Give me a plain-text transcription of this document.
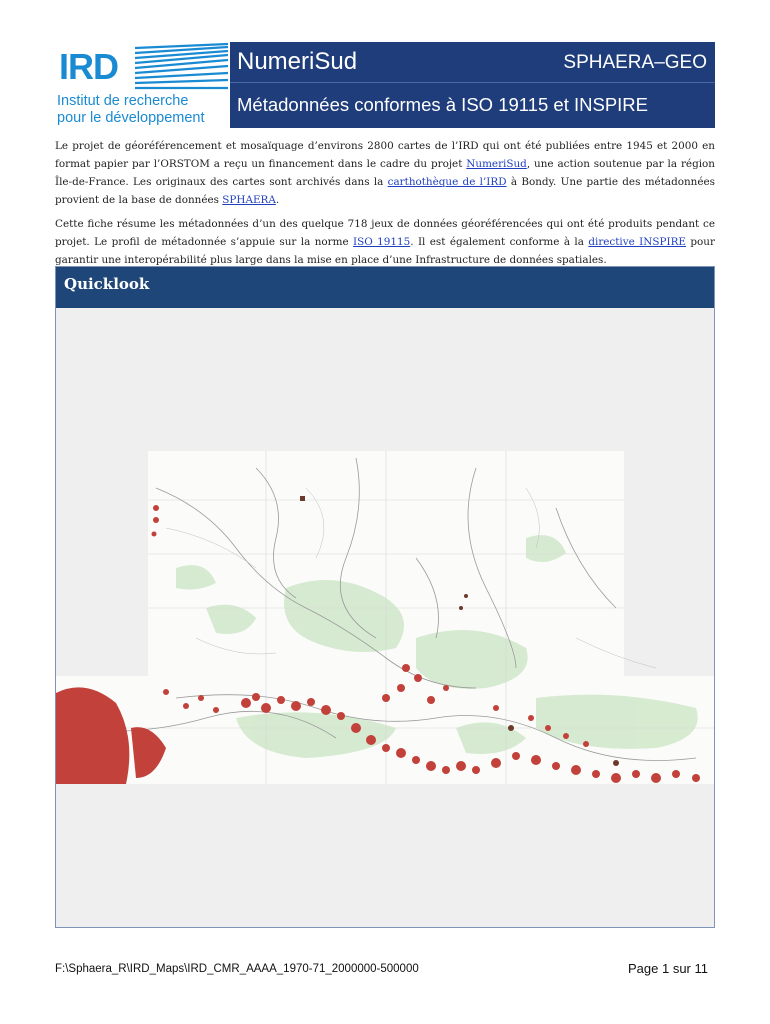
IRD
Institut de recherche
pour le développement
NumeriSud	SPHAERA–GEO
Métadonnées conformes à ISO 19115 et INSPIRE

Le projet de géoréférencement et mosaïquage d’environs 2800 cartes de l’IRD qui ont été publiées entre 1945 et 2000 en format papier par l’ORSTOM a reçu un financement dans le cadre du projet NumeriSud, une action soutenue par la région Île-de-France. Les originaux des cartes sont archivés dans la carthothèque de l’IRD à Bondy. Une partie des métadonnées provient de la base de données SPHAERA.

Cette fiche résume les métadonnées d’un des quelque 718 jeux de données géoréférencées qui ont été produits pendant ce projet. Le profil de métadonnée s’appuie sur la norme ISO 19115. Il est également conforme à la directive INSPIRE pour garantir une interopérabilité plus large dans la mise en place d’une Infrastructure de données spatiales.

Quicklook
F:\Sphaera_R\IRD_Maps\IRD_CMR_AAAA_1970-71_2000000-500000	Page 1 sur 11
